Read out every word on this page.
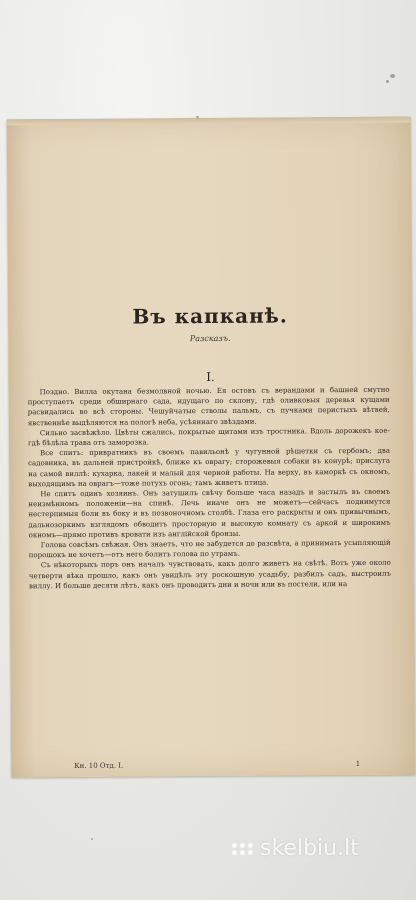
Въ капканѣ.
Разсказъ.
I.

Поздно. Вилла окутана безмолвной ночью. Ея остовъ съ верандами и башней смутно проступаетъ среди обширнаго сада, идущаго по склону, гдѣ оливковыя деревья кущами расвидались во всѣ стороны. Чешуйчатые стволы пальмъ, съ пучками перистыхъ вѣтвей, явственнѣе выдѣляются на пологѣ неба, усѣяннаго звѣздами.

Сильно засвѣжѣло. Цвѣты сжались, покрытые щитами изъ тростника. Вдоль дорожекъ кое-гдѣ бѣлѣла трава отъ заморозка.

Все спитъ: привратникъ въ своемъ павильонѣ у чугунной рѣшетки съ гербомъ; два садовника, въ дальней пристройкѣ, ближе къ оврагу; сторожевыя собаки въ конурѣ; прислуга на самой виллѣ: кухарка, лакей и малый для черной работы. На верху, въ каморкѣ съ окномъ, выходящимъ на оврагъ—тоже потухъ огонь; тамъ живетъ птица.

Не спитъ одинъ хозяинъ. Онъ затушилъ свѣчу больше часа назадъ и застылъ въ своемъ неизмѣнномъ положеніи—на спинѣ. Лечь иначе онъ не можетъ—сейчасъ поднимутся нестерпимыя боли въ боку и въ позвоночномъ столбѣ. Глаза его раскрыты и онъ привычнымъ, дальнозоркимъ взглядомъ обводитъ просторную и высокую комнату съ аркой и широкимъ окномъ—прямо противъ кровати изъ англійской бронзы.

Голова совсѣмъ свѣжая. Онъ знаетъ, что не забудется до разсвѣта, а принимать усыпляющій порошокъ не хочетъ—отъ него болитъ голова по утрамъ.

Съ нѣкоторыхъ поръ онъ началъ чувствовать, какъ долго живетъ на свѣтѣ. Вотъ уже около четверти вѣка прошло, какъ онъ увидѣлъ эту роскошную усадьбу, разбилъ садъ, выстроилъ виллу. И больше десяти лѣтъ, какъ онъ проводитъ дни и ночи или въ постели, или на

Кн. 10 Отд. I.	1
skelbiu.lt
